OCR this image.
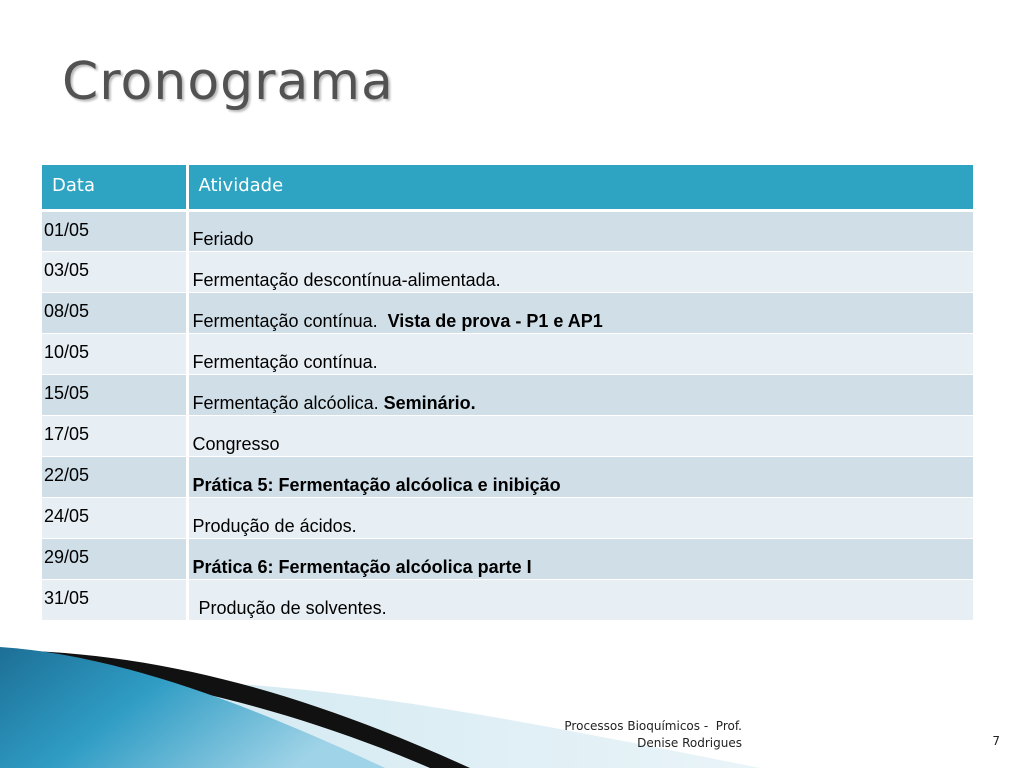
Cronograma
Data	Atividade
01/05	Feriado
03/05	Fermentação descontínua-alimentada.
08/05	Fermentação contínua.  Vista de prova - P1 e AP1
10/05	Fermentação contínua.
15/05	Fermentação alcóolica. Seminário.
17/05	Congresso
22/05	Prática 5: Fermentação alcóolica e inibição
24/05	Produção de ácidos.
29/05	Prática 6: Fermentação alcóolica parte I
31/05	Produção de solventes.
Processos Bioquímicos -  Prof.
Denise Rodrigues	7
